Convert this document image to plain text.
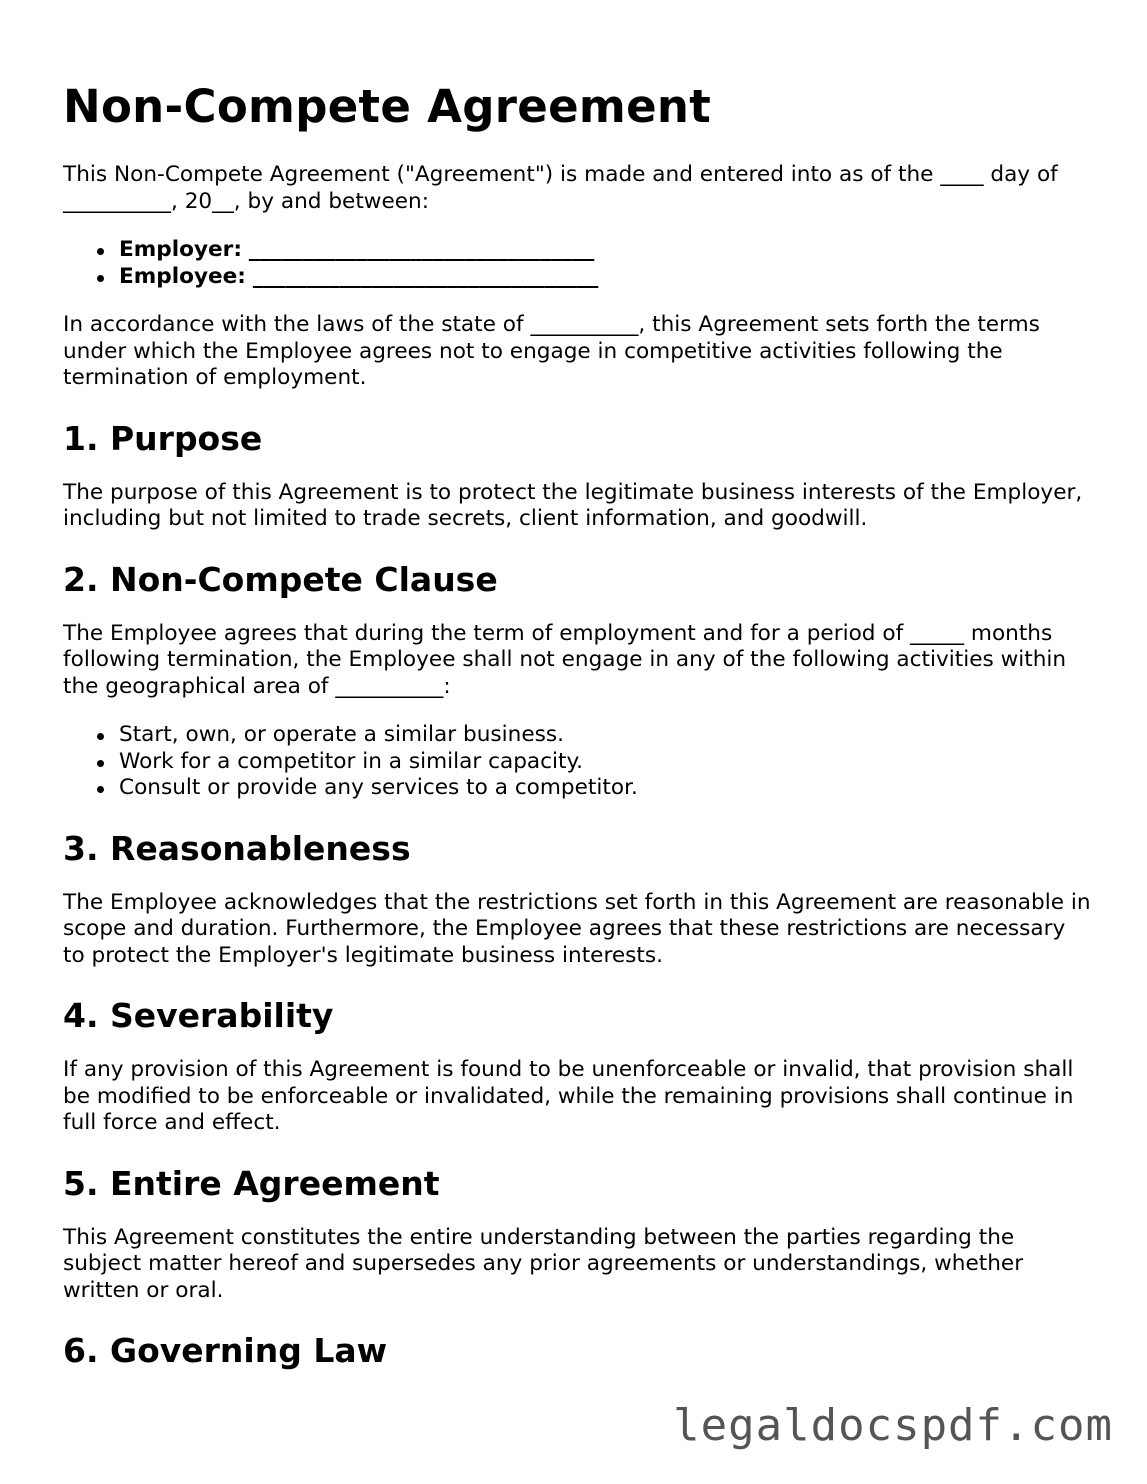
Non-Compete Agreement

This Non-Compete Agreement ("Agreement") is made and entered into as of the ____ day of __________, 20__, by and between:

Employer: ________________________________
Employee: ________________________________

In accordance with the laws of the state of __________, this Agreement sets forth the terms under which the Employee agrees not to engage in competitive activities following the termination of employment.

1. Purpose

The purpose of this Agreement is to protect the legitimate business interests of the Employer, including but not limited to trade secrets, client information, and goodwill.

2. Non-Compete Clause

The Employee agrees that during the term of employment and for a period of _____ months following termination, the Employee shall not engage in any of the following activities within the geographical area of __________:

Start, own, or operate a similar business.
Work for a competitor in a similar capacity.
Consult or provide any services to a competitor.
3. Reasonableness

The Employee acknowledges that the restrictions set forth in this Agreement are reasonable in scope and duration. Furthermore, the Employee agrees that these restrictions are necessary to protect the Employer's legitimate business interests.

4. Severability

If any provision of this Agreement is found to be unenforceable or invalid, that provision shall be modified to be enforceable or invalidated, while the remaining provisions shall continue in full force and effect.

5. Entire Agreement

This Agreement constitutes the entire understanding between the parties regarding the subject matter hereof and supersedes any prior agreements or understandings, whether written or oral.

6. Governing Law
legaldocspdf.com
